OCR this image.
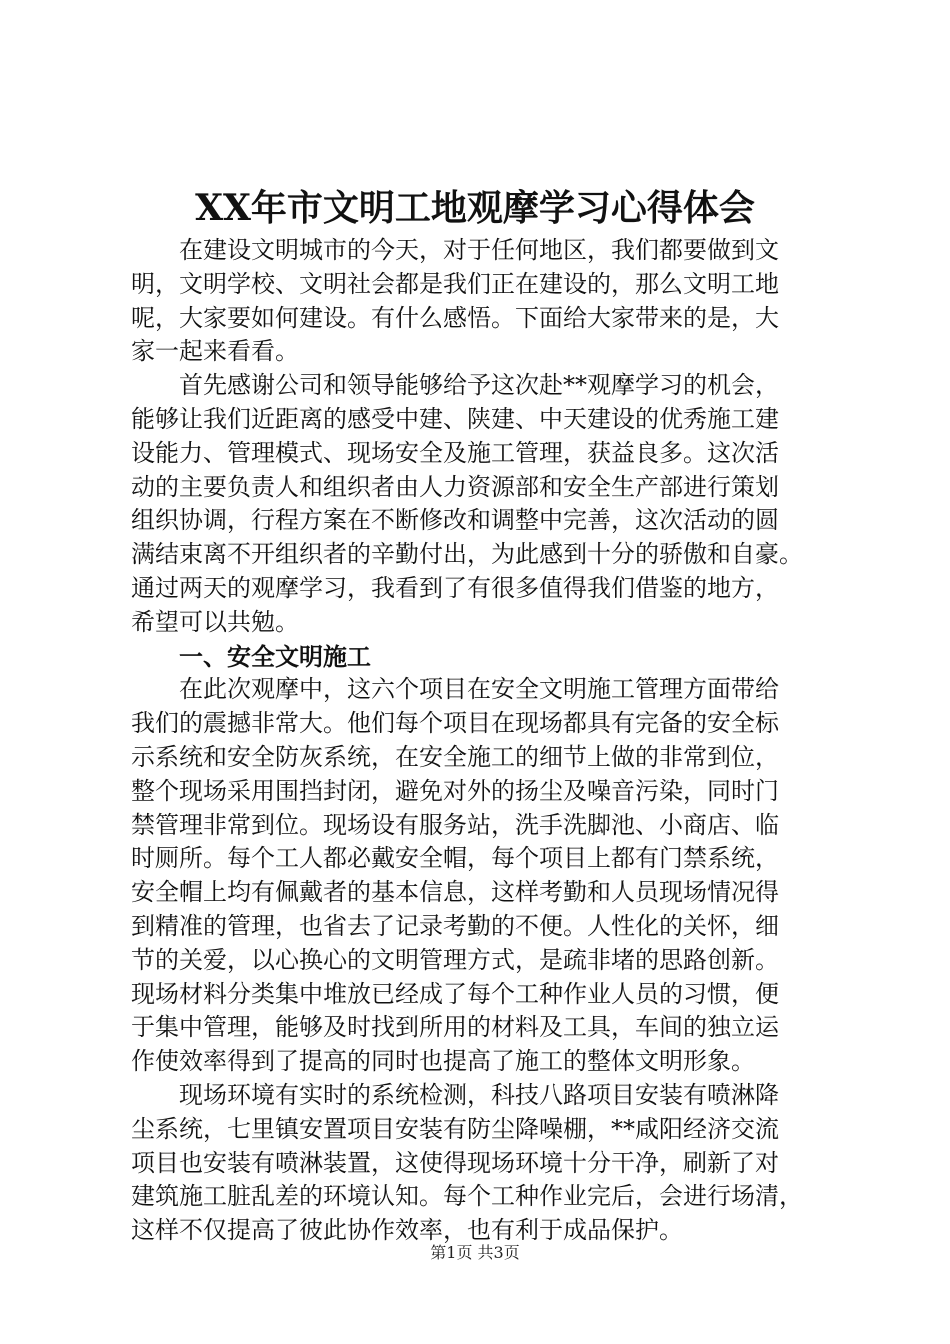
XX年市文明工地观摩学习心得体会
在建设文明城市的今天，对于任何地区，我们都要做到文
明，文明学校、文明社会都是我们正在建设的，那么文明工地
呢，大家要如何建设。有什么感悟。下面给大家带来的是，大
家一起来看看。
首先感谢公司和领导能够给予这次赴**观摩学习的机会，
能够让我们近距离的感受中建、陕建、中天建设的优秀施工建
设能力、管理模式、现场安全及施工管理，获益良多。这次活
动的主要负责人和组织者由人力资源部和安全生产部进行策划
组织协调，行程方案在不断修改和调整中完善，这次活动的圆
满结束离不开组织者的辛勤付出，为此感到十分的骄傲和自豪。
通过两天的观摩学习，我看到了有很多值得我们借鉴的地方，
希望可以共勉。
一、安全文明施工
在此次观摩中，这六个项目在安全文明施工管理方面带给
我们的震撼非常大。他们每个项目在现场都具有完备的安全标
示系统和安全防灰系统，在安全施工的细节上做的非常到位，
整个现场采用围挡封闭，避免对外的扬尘及噪音污染，同时门
禁管理非常到位。现场设有服务站，洗手洗脚池、小商店、临
时厕所。每个工人都必戴安全帽，每个项目上都有门禁系统，
安全帽上均有佩戴者的基本信息，这样考勤和人员现场情况得
到精准的管理，也省去了记录考勤的不便。人性化的关怀，细
节的关爱，以心换心的文明管理方式，是疏非堵的思路创新。
现场材料分类集中堆放已经成了每个工种作业人员的习惯，便
于集中管理，能够及时找到所用的材料及工具，车间的独立运
作使效率得到了提高的同时也提高了施工的整体文明形象。
现场环境有实时的系统检测，科技八路项目安装有喷淋降
尘系统，七里镇安置项目安装有防尘降噪棚，**咸阳经济交流
项目也安装有喷淋装置，这使得现场环境十分干净，刷新了对
建筑施工脏乱差的环境认知。每个工种作业完后，会进行场清，
这样不仅提高了彼此协作效率，也有利于成品保护。
第1页 共3页
